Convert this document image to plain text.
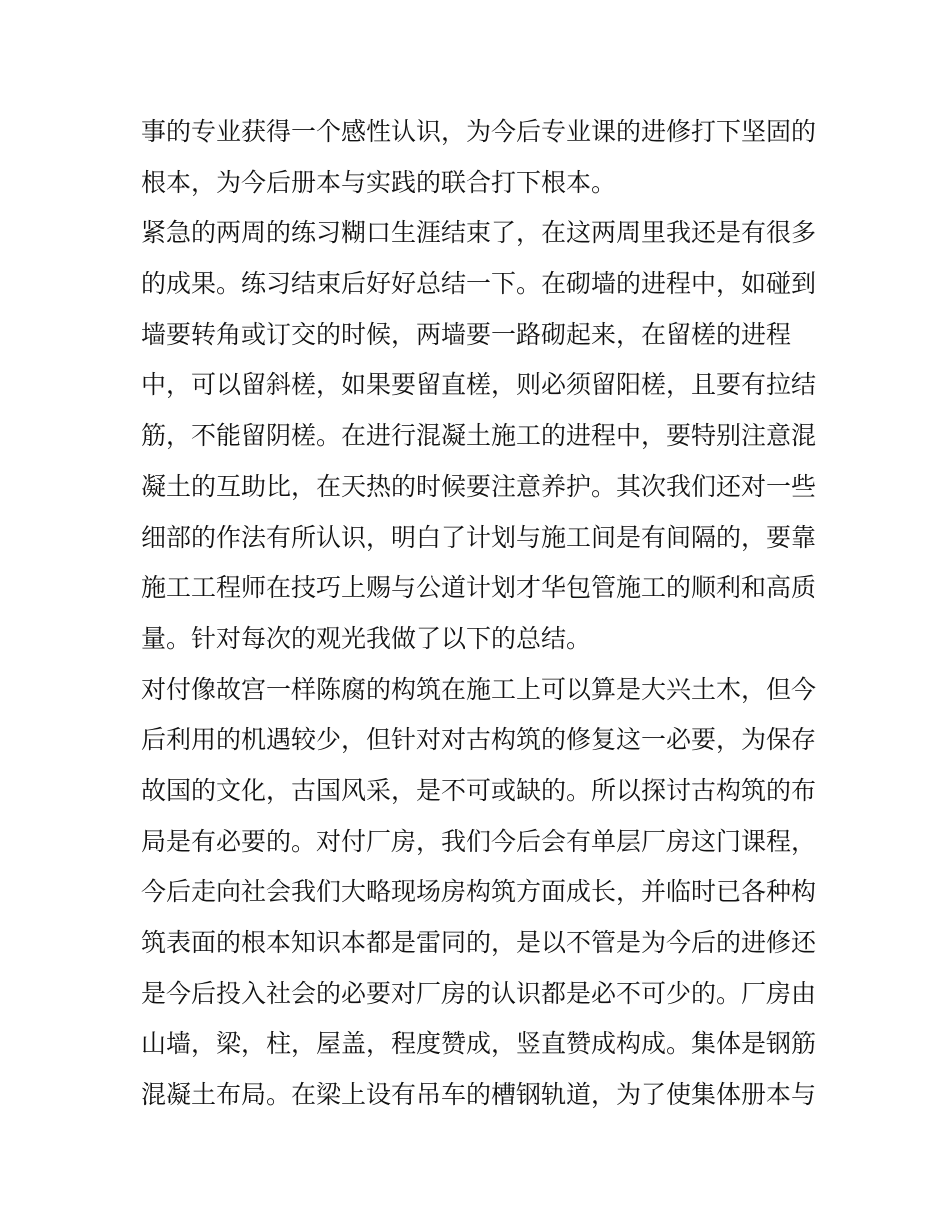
事的专业获得一个感性认识，为今后专业课的进修打下坚固的
根本，为今后册本与实践的联合打下根本。
紧急的两周的练习糊口生涯结束了，在这两周里我还是有很多
的成果。练习结束后好好总结一下。在砌墙的进程中，如碰到
墙要转角或订交的时候，两墙要一路砌起来，在留槎的进程
中，可以留斜槎，如果要留直槎，则必须留阳槎，且要有拉结
筋，不能留阴槎。在进行混凝土施工的进程中，要特别注意混
凝土的互助比，在天热的时候要注意养护。其次我们还对一些
细部的作法有所认识，明白了计划与施工间是有间隔的，要靠
施工工程师在技巧上赐与公道计划才华包管施工的顺利和高质
量。针对每次的观光我做了以下的总结。
对付像故宫一样陈腐的构筑在施工上可以算是大兴土木，但今
后利用的机遇较少，但针对对古构筑的修复这一必要，为保存
故国的文化，古国风采，是不可或缺的。所以探讨古构筑的布
局是有必要的。对付厂房，我们今后会有单层厂房这门课程，
今后走向社会我们大略现场房构筑方面成长，并临时已各种构
筑表面的根本知识本都是雷同的，是以不管是为今后的进修还
是今后投入社会的必要对厂房的认识都是必不可少的。厂房由
山墙，梁，柱，屋盖，程度赞成，竖直赞成构成。集体是钢筋
混凝土布局。在梁上设有吊车的槽钢轨道，为了使集体册本与
